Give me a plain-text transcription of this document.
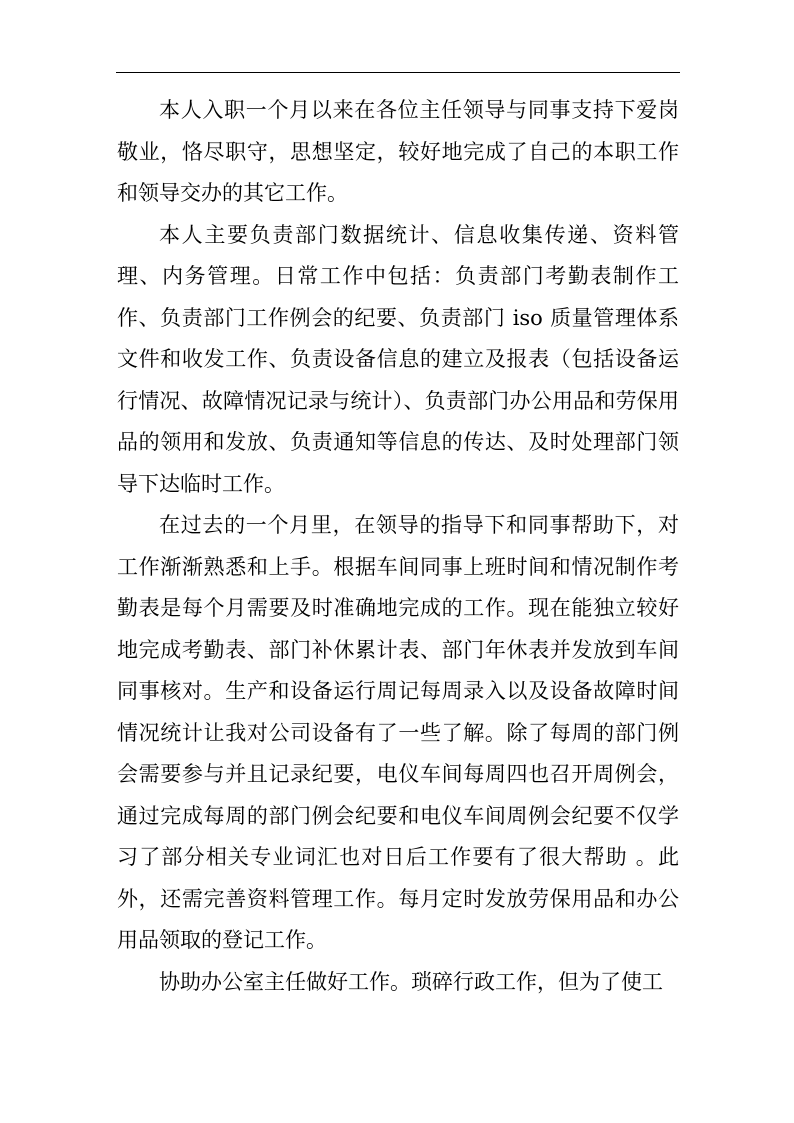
本人入职一个月以来在各位主任领导与同事支持下爱岗敬业，恪尽职守，思想坚定，较好地完成了自己的本职工作和领导交办的其它工作。

本人主要负责部门数据统计、信息收集传递、资料管理、内务管理。日常工作中包括：负责部门考勤表制作工作、负责部门工作例会的纪要、负责部门 iso 质量管理体系文件和收发工作、负责设备信息的建立及报表（包括设备运行情况、故障情况记录与统计）、负责部门办公用品和劳保用品的领用和发放、负责通知等信息的传达、及时处理部门领导下达临时工作。

在过去的一个月里，在领导的指导下和同事帮助下，对工作渐渐熟悉和上手。根据车间同事上班时间和情况制作考勤表是每个月需要及时准确地完成的工作。现在能独立较好地完成考勤表、部门补休累计表、部门年休表并发放到车间同事核对。生产和设备运行周记每周录入以及设备故障时间情况统计让我对公司设备有了一些了解。除了每周的部门例会需要参与并且记录纪要，电仪车间每周四也召开周例会，通过完成每周的部门例会纪要和电仪车间周例会纪要不仅学习了部分相关专业词汇也对日后工作要有了很大帮助 。此外，还需完善资料管理工作。每月定时发放劳保用品和办公用品领取的登记工作。

协助办公室主任做好工作。琐碎行政工作，但为了使工
